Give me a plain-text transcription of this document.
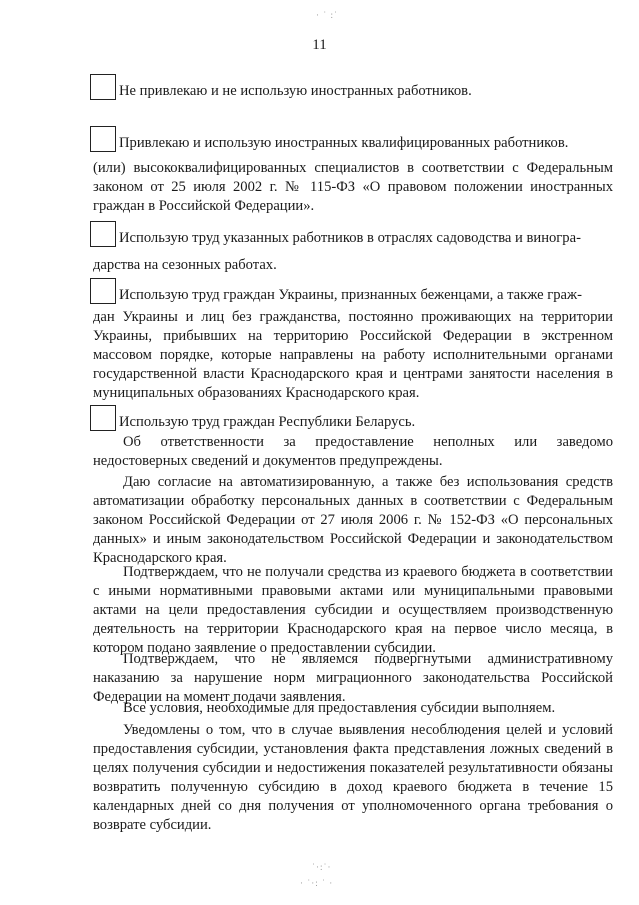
· ˙ :˙
11
Не привлекаю и не использую иностранных работников.
Привлекаю и использую иностранных квалифицированных работников.

(или) высококвалифицированных специалистов в соответствии с Федеральным законом от 25 июля 2002 г. № 115-ФЗ «О правовом положении иностранных граждан в Российской Федерации».

Использую труд указанных работников в отраслях садоводства и виногра-

дарства на сезонных работах.

Использую труд граждан Украины, признанных беженцами, а также граж-

дан Украины и лиц без гражданства, постоянно проживающих на территории Украины, прибывших на территорию Российской Федерации в экстренном массовом порядке, которые направлены на работу исполнительными органами государственной власти Краснодарского края и центрами занятости населения в муниципальных образованиях Краснодарского края.

Использую труд граждан Республики Беларусь.

Об ответственности за предоставление неполных или заведомо недостоверных сведений и документов предупреждены.

Даю согласие на автоматизированную, а также без использования средств автоматизации обработку персональных данных в соответствии с Федеральным законом Российской Федерации от 27 июля 2006 г. № 152-ФЗ «О персональных данных» и иным законодательством Российской Федерации и законодательством Краснодарского края.

Подтверждаем, что не получали средства из краевого бюджета в соответствии с иными нормативными правовыми актами или муниципальными правовыми актами на цели предоставления субсидии и осуществляем производственную деятельность на территории Краснодарского края на первое число месяца, в котором подано заявление о предоставлении субсидии.

Подтверждаем, что не являемся подвергнутыми административному наказанию за нарушение норм миграционного законодательства Российской Федерации на момент подачи заявления.

Все условия, необходимые для предоставления субсидии выполняем.

Уведомлены о том, что в случае выявления несоблюдения целей и условий предоставления субсидии, установления факта представления ложных сведений в целях получения субсидии и недостижения показателей результативности обязаны возвратить полученную субсидию в доход краевого бюджета в течение 15 календарных дней со дня получения от уполномоченного органа требования о возврате субсидии.

˙·:˙·
· ˙·: ˙ ·
